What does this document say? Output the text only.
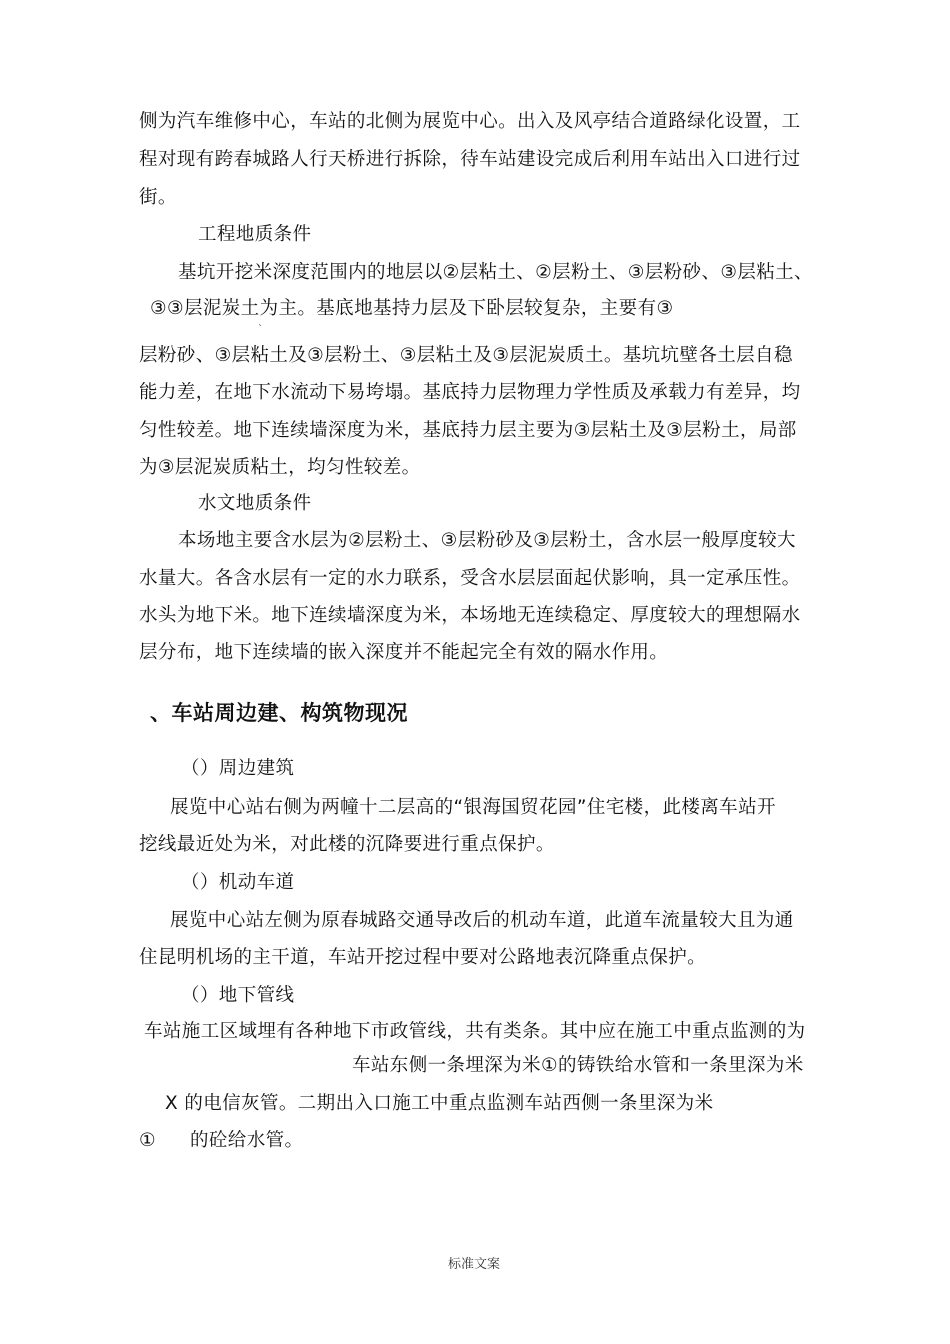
侧为汽车维修中心，车站的北侧为展览中心。出入及风亭结合道路绿化设置，工
程对现有跨春城路人行天桥进行拆除，待车站建设完成后利用车站出入口进行过
街。
工程地质条件
基坑开挖米深度范围内的地层以②层粘土、②层粉土、③层粉砂、③层粘土、
③③层泥炭土为主。基底地基持力层及下卧层较复杂，主要有③
`
层粉砂、③层粘土及③层粉土、③层粘土及③层泥炭质土。基坑坑壁各土层自稳
能力差，在地下水流动下易垮塌。基底持力层物理力学性质及承载力有差异，均
匀性较差。地下连续墙深度为米，基底持力层主要为③层粘土及③层粉土，局部
为③层泥炭质粘土，均匀性较差。
水文地质条件
本场地主要含水层为②层粉土、③层粉砂及③层粉土，含水层一般厚度较大
水量大。各含水层有一定的水力联系，受含水层层面起伏影响，具一定承压性。
水头为地下米。地下连续墙深度为米，本场地无连续稳定、厚度较大的理想隔水
层分布，地下连续墙的嵌入深度并不能起完全有效的隔水作用。
、车站周边建、构筑物现况
（）周边建筑
展览中心站右侧为两幢十二层高的“银海国贸花园”住宅楼，此楼离车站开
挖线最近处为米，对此楼的沉降要进行重点保护。
（）机动车道
展览中心站左侧为原春城路交通导改后的机动车道，此道车流量较大且为通
住昆明机场的主干道，车站开挖过程中要对公路地表沉降重点保护。
（）地下管线
车站施工区域埋有各种地下市政管线，共有类条。其中应在施工中重点监测的为
车站东侧一条埋深为米①的铸铁给水管和一条里深为米
X 的电信灰管。二期出入口施工中重点监测车站西侧一条里深为米
① 的砼给水管。
标准文案
